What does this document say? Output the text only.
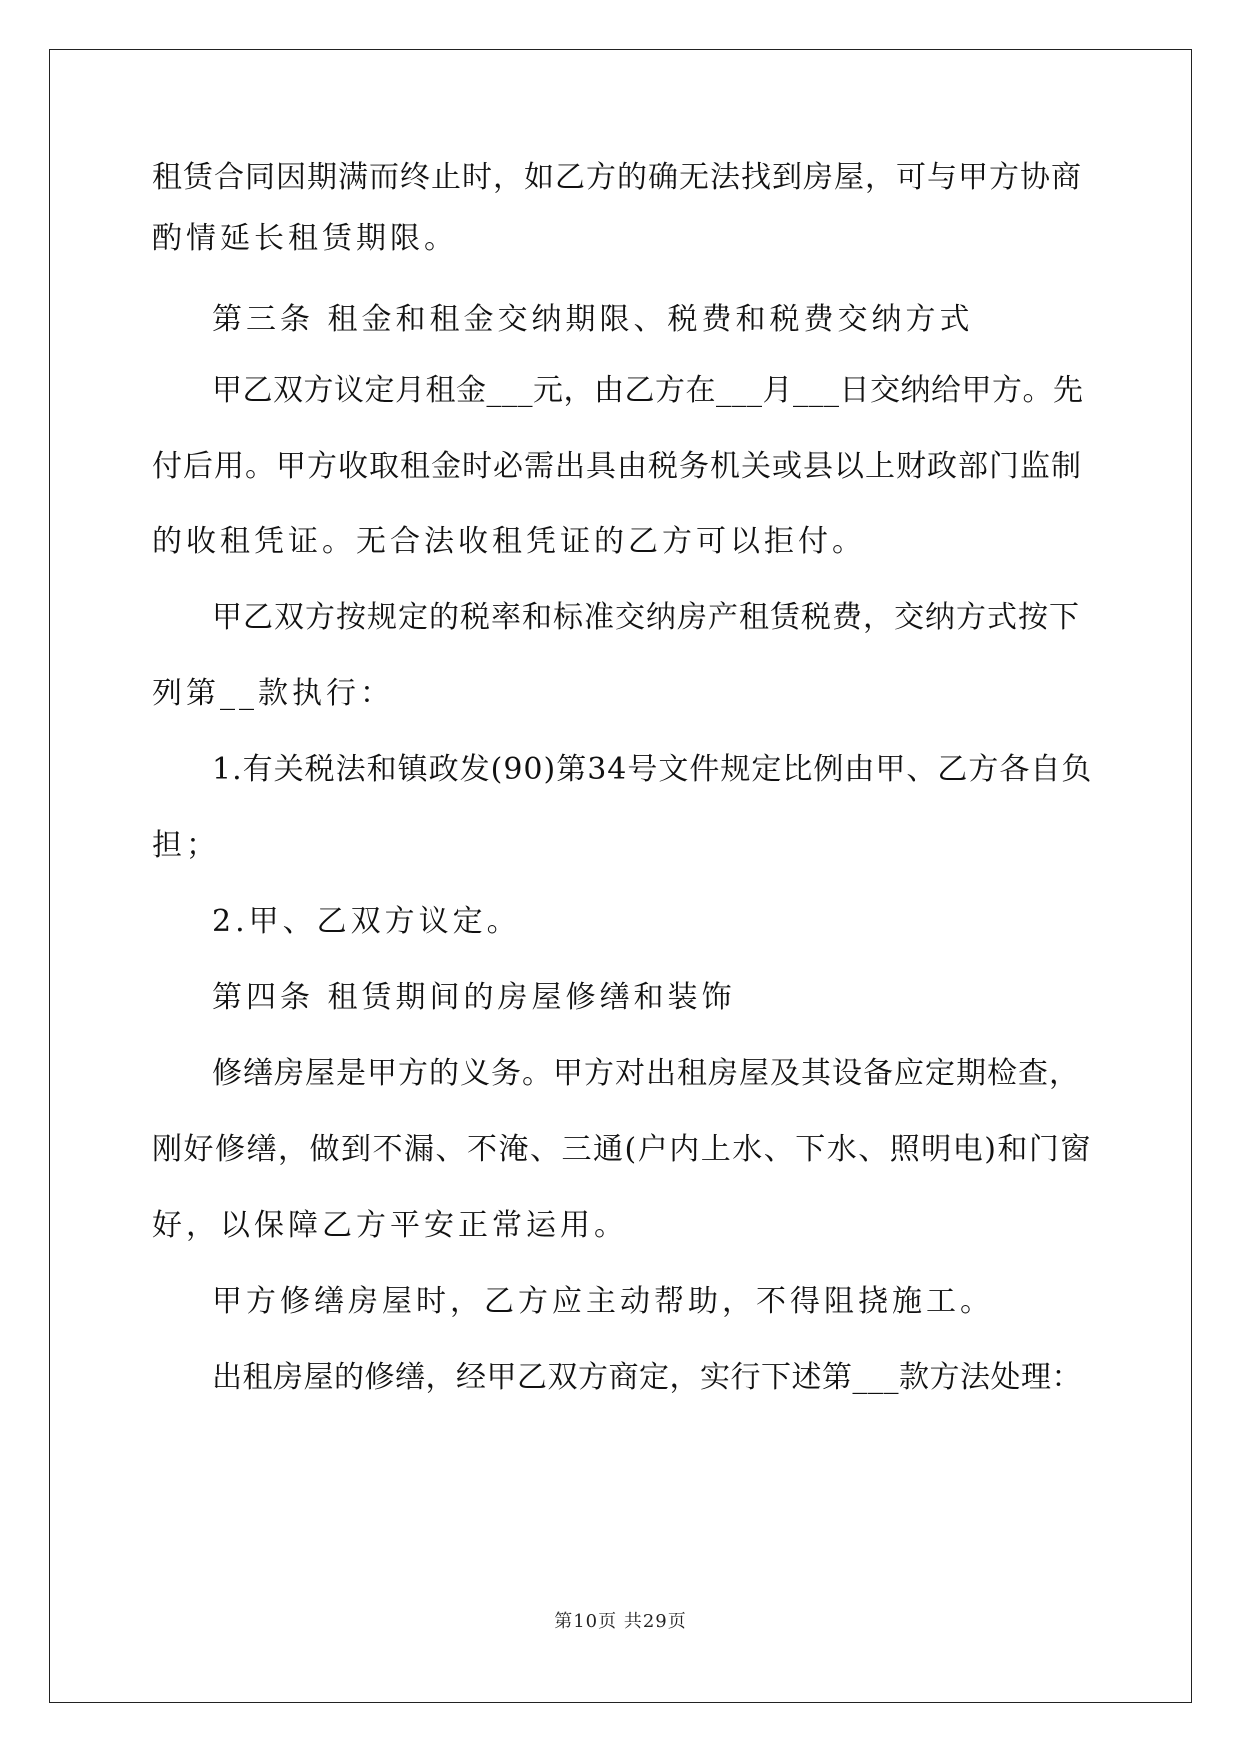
租赁合同因期满而终止时，如乙方的确无法找到房屋，可与甲方协商
酌情延长租赁期限。
第三条 租金和租金交纳期限、税费和税费交纳方式
甲乙双方议定月租金___元，由乙方在___月___日交纳给甲方。先
付后用。甲方收取租金时必需出具由税务机关或县以上财政部门监制
的收租凭证。无合法收租凭证的乙方可以拒付。
甲乙双方按规定的税率和标准交纳房产租赁税费，交纳方式按下
列第__款执行：
1.有关税法和镇政发(90)第34号文件规定比例由甲、乙方各自负
担；
2.甲、乙双方议定。
第四条 租赁期间的房屋修缮和装饰
修缮房屋是甲方的义务。甲方对出租房屋及其设备应定期检查，
刚好修缮，做到不漏、不淹、三通(户内上水、下水、照明电)和门窗
好，以保障乙方平安正常运用。
甲方修缮房屋时，乙方应主动帮助，不得阻挠施工。
出租房屋的修缮，经甲乙双方商定，实行下述第___款方法处理：
第10页 共29页
